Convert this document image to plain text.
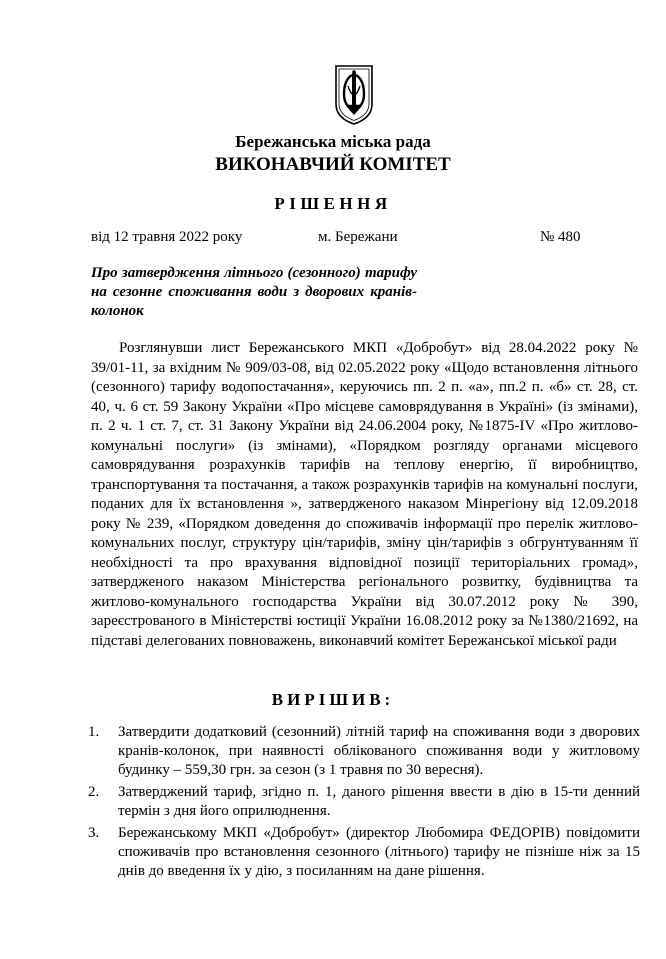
Бережанська міська рада
ВИКОНАВЧИЙ КОМІТЕТ
РІШЕННЯ
від 12 травня 2022 року	м. Бережани	№ 480
Про затвердження літнього (сезонного) тарифу на сезонне споживання води з дворових кранів-колонок

Розглянувши лист Бережанського МКП «Добробут» від 28.04.2022 року № 39/01-11, за вхідним № 909/03-08, від 02.05.2022 року «Щодо встановлення літнього (сезонного) тарифу водопостачання», керуючись пп. 2 п. «а», пп.2 п. «б» ст. 28, ст. 40, ч. 6 ст. 59 Закону України «Про місцеве самоврядування в Україні» (із змінами), п. 2 ч. 1 ст. 7, ст. 31 Закону України від 24.06.2004 року, №1875-IV «Про житлово-комунальні послуги» (із змінами), «Порядком розгляду органами місцевого самоврядування розрахунків тарифів на теплову енергію, її виробництво, транспортування та постачання, а також розрахунків тарифів на комунальні послуги, поданих для їх встановлення », затвердженого наказом Мінрегіону від 12.09.2018 року № 239, «Порядком доведення до споживачів інформації про перелік житлово-комунальних послуг, структуру цін/тарифів, зміну цін/тарифів з обгрунтуванням її необхідності та про врахування відповідної позиції територіальних громад», затвердженого наказом Міністерства регіонального розвитку, будівництва та житлово-комунального господарства України від 30.07.2012 року № 390, зареєстрованого в Міністерстві юстиції України 16.08.2012 року за №1380/21692, на підставі делегованих повноважень, виконавчий комітет Бережанської міської ради

ВИРІШИВ:
1. Затвердити додатковий (сезонний) літній тариф на споживання води з дворових кранів-колонок, при наявності облікованого споживання води у житловому будинку – 559,30 грн. за сезон (з 1 травня по 30 вересня).
2. Затверджений тариф, згідно п. 1, даного рішення ввести в дію в 15-ти денний термін з дня його оприлюднення.
3. Бережанському МКП «Добробут» (директор Любомира ФЕДОРІВ) повідомити споживачів про встановлення сезонного (літнього) тарифу не пізніше ніж за 15 днів до введення їх у дію, з посиланням на дане рішення.
